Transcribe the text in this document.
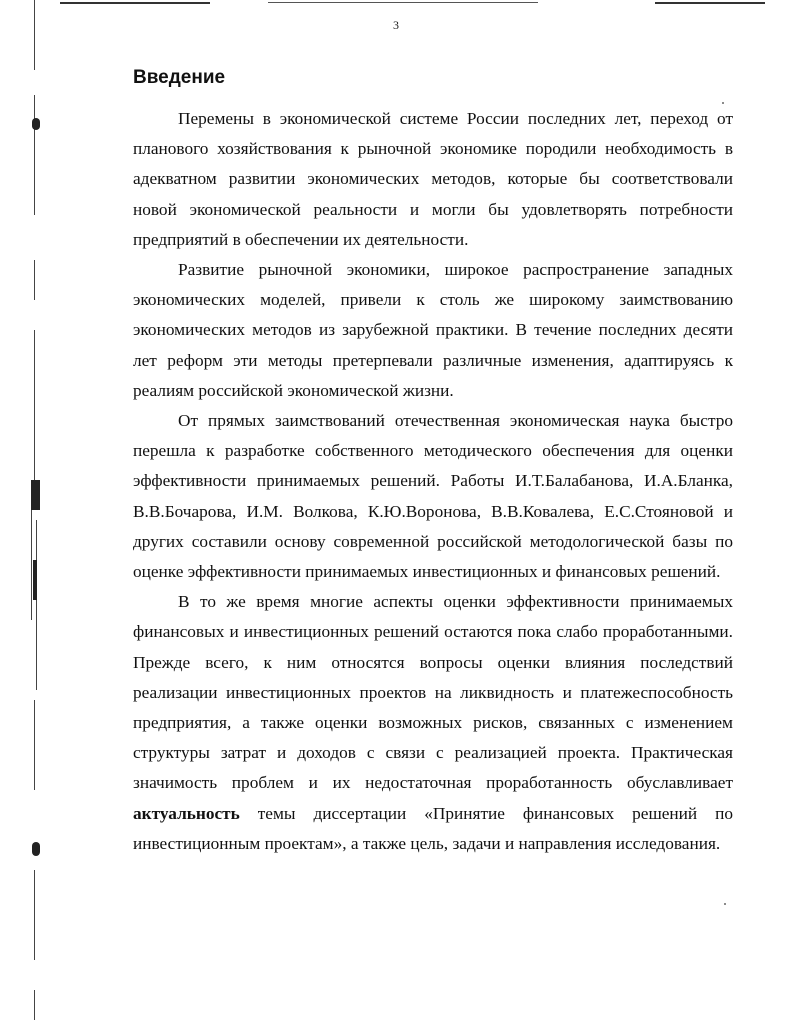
3
Введение

Перемены в экономической системе России последних лет, переход от планового хозяйствования к рыночной экономике породили необходимость в адекватном развитии экономических методов, которые бы соответствовали новой экономической реальности и могли бы удовлетворять потребности предприятий в обеспечении их деятельности.

Развитие рыночной экономики, широкое распространение западных экономических моделей, привели к столь же широкому заимствованию экономических методов из зарубежной практики. В течение последних десяти лет реформ эти методы претерпевали различные изменения, адаптируясь к реалиям российской экономической жизни.

От прямых заимствований отечественная экономическая наука быстро перешла к разработке собственного методического обеспечения для оценки эффективности принимаемых решений. Работы И.Т.Балабанова, И.А.Бланка, В.В.Бочарова, И.М. Волкова, К.Ю.Воронова, В.В.Ковалева, Е.С.Стояновой и других составили основу современной российской методологической базы по оценке эффективности принимаемых инвестиционных и финансовых решений.

В то же время многие аспекты оценки эффективности принимаемых финансовых и инвестиционных решений остаются пока слабо проработанными. Прежде всего, к ним относятся вопросы оценки влияния последствий реализации инвестиционных проектов на ликвидность и платежеспособность предприятия, а также оценки возможных рисков, связанных с изменением структуры затрат и доходов с связи с реализацией проекта. Практическая значимость проблем и их недостаточная проработанность обуславливает актуальность темы диссертации «Принятие финансовых решений по инвестиционным проектам», а также цель, задачи и направления исследования.
